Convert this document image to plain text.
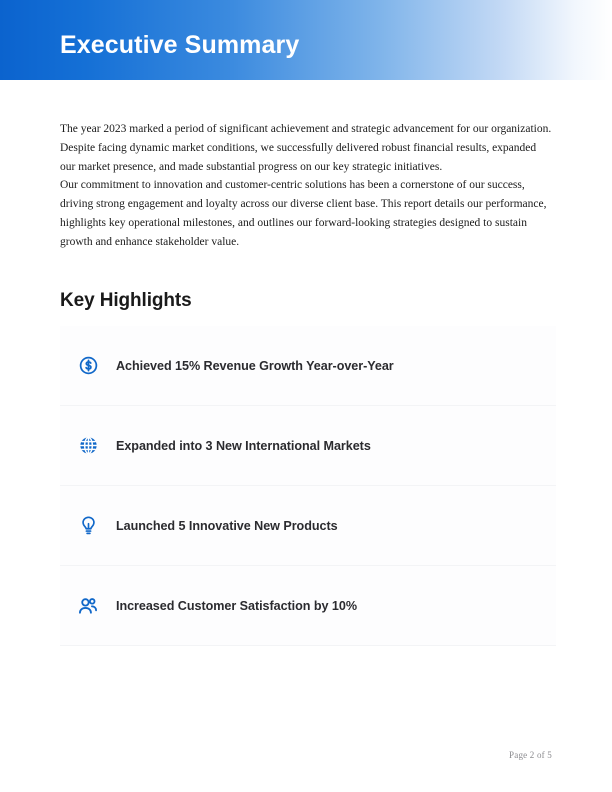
Executive Summary

The year 2023 marked a period of significant achievement and strategic advancement for our organization. Despite facing dynamic market conditions, we successfully delivered robust financial results, expanded our market presence, and made substantial progress on our key strategic initiatives.

Our commitment to innovation and customer-centric solutions has been a cornerstone of our success, driving strong engagement and loyalty across our diverse client base. This report details our performance, highlights key operational milestones, and outlines our forward-looking strategies designed to sustain growth and enhance stakeholder value.

Key Highlights
Achieved 15% Revenue Growth Year-over-Year
Expanded into 3 New International Markets
Launched 5 Innovative New Products
Increased Customer Satisfaction by 10%
Page 2 of 5
